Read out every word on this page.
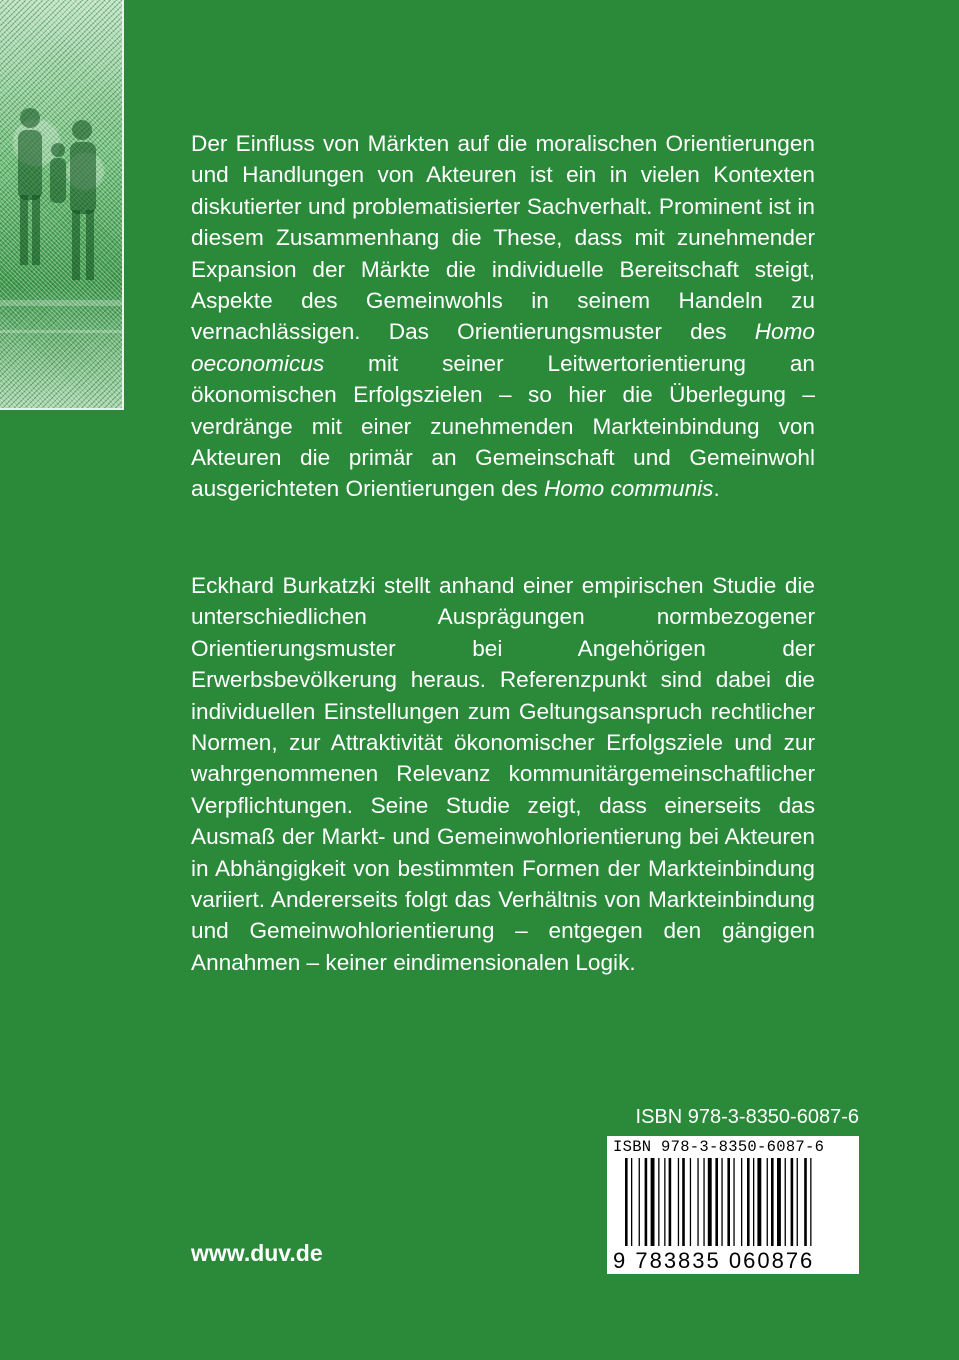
Der Einfluss von Märkten auf die moralischen Orientierungen und Handlungen von Akteuren ist ein in vielen Kontexten diskutierter und problematisierter Sachverhalt. Prominent ist in diesem Zusammenhang die These, dass mit zunehmender Expansion der Märkte die individuelle Bereitschaft steigt, Aspekte des Gemeinwohls in seinem Handeln zu vernachlässigen. Das Orientierungsmuster des Homo oeconomicus mit seiner Leitwertorientierung an ökonomischen Erfolgszielen – so hier die Überlegung – verdränge mit einer zunehmenden Markteinbindung von Akteuren die primär an Gemeinschaft und Gemeinwohl ausgerichteten Orientierungen des Homo communis.

Eckhard Burkatzki stellt anhand einer empirischen Studie die unterschiedlichen Ausprägungen normbezogener Orientierungsmuster bei Angehörigen der Erwerbsbevölkerung heraus. Referenzpunkt sind dabei die individuellen Einstellungen zum Geltungsanspruch rechtlicher Normen, zur Attraktivität ökonomischer Erfolgsziele und zur wahrgenommenen Relevanz kommunitärgemeinschaftlicher Verpflichtungen. Seine Studie zeigt, dass einerseits das Ausmaß der Markt- und Gemeinwohlorientierung bei Akteuren in Abhängigkeit von bestimmten Formen der Markteinbindung variiert. Andererseits folgt das Verhältnis von Markteinbindung und Gemeinwohlorientierung – entgegen den gängigen Annahmen – keiner eindimensionalen Logik.

ISBN 978-3-8350-6087-6
ISBN 978-3-8350-6087-6
9 783835 060876
www.duv.de
